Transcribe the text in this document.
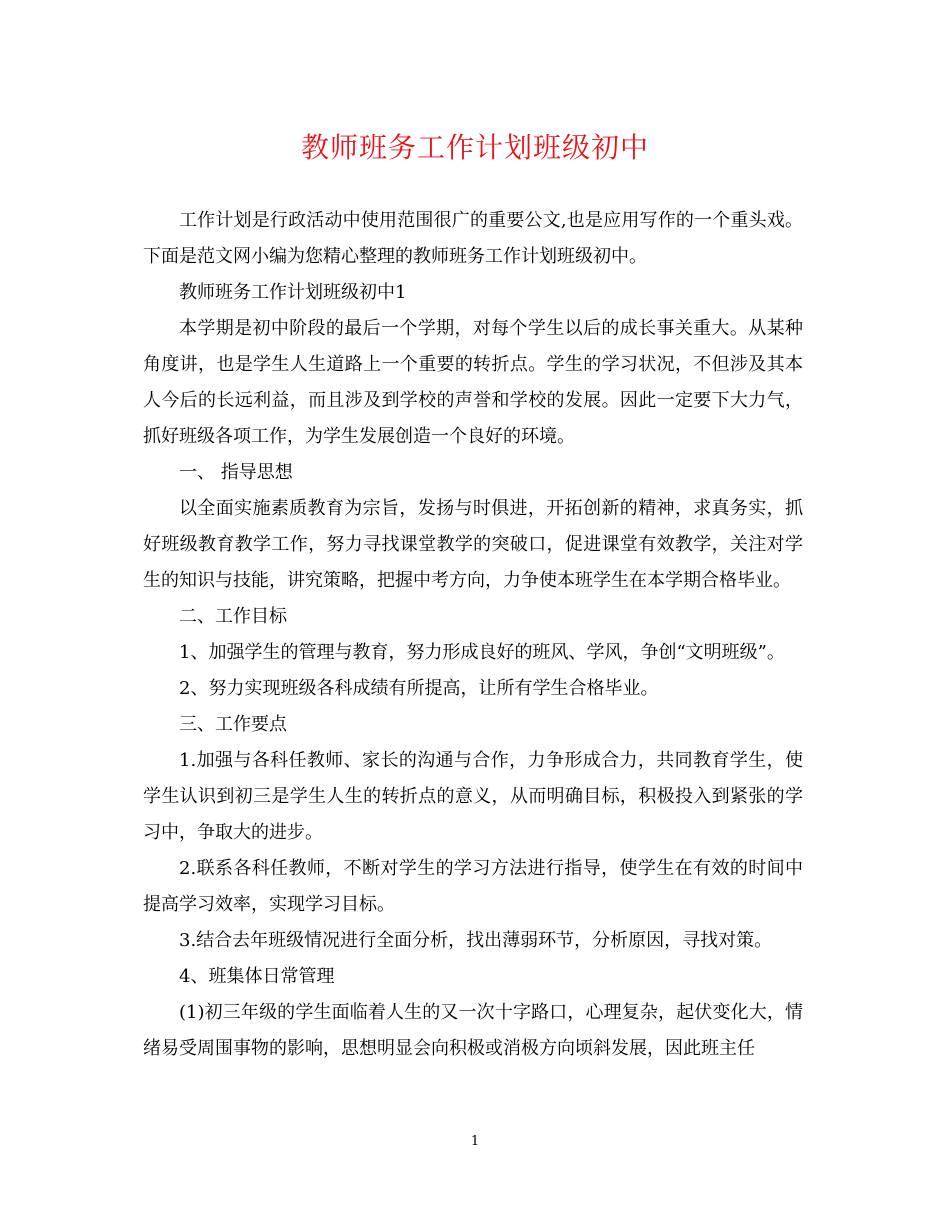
教师班务工作计划班级初中

工作计划是行政活动中使用范围很广的重要公文,也是应用写作的一个重头戏。下面是范文网小编为您精心整理的教师班务工作计划班级初中。

教师班务工作计划班级初中1

本学期是初中阶段的最后一个学期，对每个学生以后的成长事关重大。从某种角度讲，也是学生人生道路上一个重要的转折点。学生的学习状况，不但涉及其本人今后的长远利益，而且涉及到学校的声誉和学校的发展。因此一定要下大力气，抓好班级各项工作，为学生发展创造一个良好的环境。

一、 指导思想

以全面实施素质教育为宗旨，发扬与时俱进，开拓创新的精神，求真务实，抓好班级教育教学工作，努力寻找课堂教学的突破口，促进课堂有效教学，关注对学生的知识与技能，讲究策略，把握中考方向，力争使本班学生在本学期合格毕业。

二、工作目标

1、加强学生的管理与教育，努力形成良好的班风、学风，争创“文明班级”。

2、努力实现班级各科成绩有所提高，让所有学生合格毕业。

三、工作要点

1.加强与各科任教师、家长的沟通与合作，力争形成合力，共同教育学生，使学生认识到初三是学生人生的转折点的意义，从而明确目标，积极投入到紧张的学习中，争取大的进步。

2.联系各科任教师，不断对学生的学习方法进行指导，使学生在有效的时间中提高学习效率，实现学习目标。

3.结合去年班级情况进行全面分析，找出薄弱环节，分析原因，寻找对策。

4、班集体日常管理

(1)初三年级的学生面临着人生的又一次十字路口，心理复杂，起伏变化大，情绪易受周围事物的影响，思想明显会向积极或消极方向顷斜发展，因此班主任

1
